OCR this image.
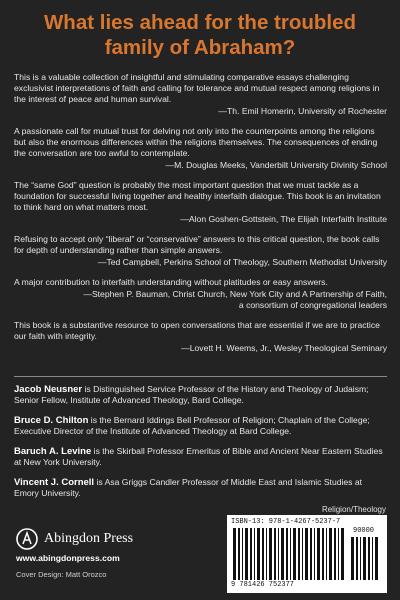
What lies ahead for the troubled
family of Abraham?

This is a valuable collection of insightful and stimulating comparative essays challenging exclusivist interpretations of faith and calling for tolerance and mutual respect among religions in the interest of peace and human survival.

—Th. Emil Homerin, University of Rochester

A passionate call for mutual trust for delving not only into the counterpoints among the religions but also the enormous differences within the religions themselves. The consequences of ending the conversation are too awful to contemplate.

—M. Douglas Meeks, Vanderbilt University Divinity School

The “same God” question is probably the most important question that we must tackle as a foundation for successful living together and healthy interfaith dialogue. This book is an invitation to think hard on what matters most.

—Alon Goshen-Gottstein, The Elijah Interfaith Institute

Refusing to accept only “liberal” or “conservative” answers to this critical question, the book calls for depth of understanding rather than simple answers.

—Ted Campbell, Perkins School of Theology, Southern Methodist University

A major contribution to interfaith understanding without platitudes or easy answers.

—Stephen P. Bauman, Christ Church, New York City and A Partnership of Faith,
a consortium of congregational leaders

This book is a substantive resource to open conversations that are essential if we are to practice our faith with integrity.

—Lovett H. Weems, Jr., Wesley Theological Seminary
Jacob Neusner is Distinguished Service Professor of the History and Theology of Judaism; Senior Fellow, Institute of Advanced Theology, Bard College.
Bruce D. Chilton is the Bernard Iddings Bell Professor of Religion; Chaplain of the College; Executive Director of the Institute of Advanced Theology at Bard College.
Baruch A. Levine is the Skirball Professor Emeritus of Bible and Ancient Near Eastern Studies at New York University.
Vincent J. Cornell is Asa Griggs Candler Professor of Middle East and Islamic Studies at Emory University.
Abingdon Press
www.abingdonpress.com
Cover Design: Matt Orozco
Religion/Theology
ISBN-13: 978-1-4267-5237-7
90000
9 781426 752377
